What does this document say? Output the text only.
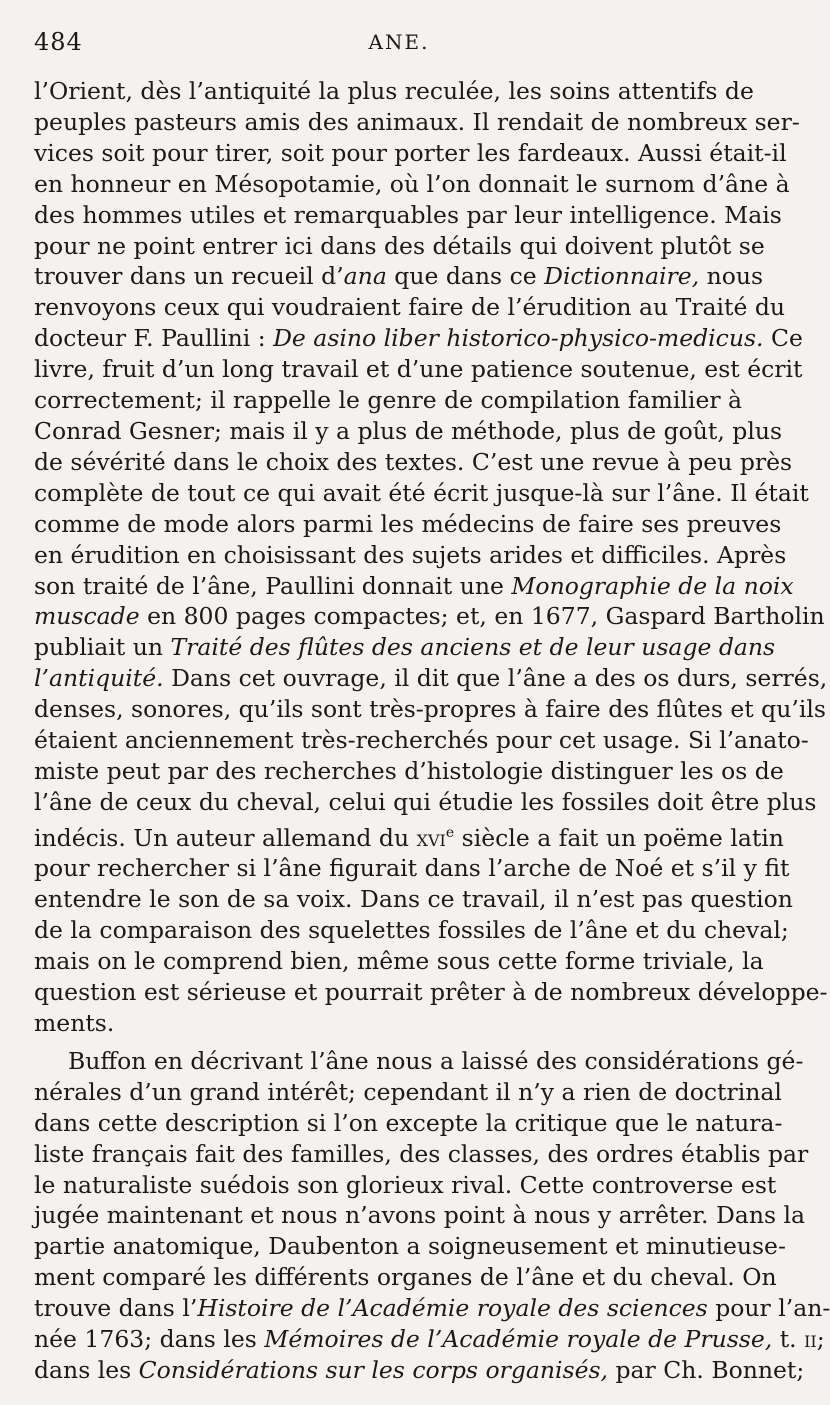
484	ANE.
l’Orient, dès l’antiquité la plus reculée, les soins attentifs de
peuples pasteurs amis des animaux. Il rendait de nombreux ser-
vices soit pour tirer, soit pour porter les fardeaux. Aussi était-il
en honneur en Mésopotamie, où l’on donnait le surnom d’âne à
des hommes utiles et remarquables par leur intelligence. Mais
pour ne point entrer ici dans des détails qui doivent plutôt se
trouver dans un recueil d’ana que dans ce Dictionnaire, nous
renvoyons ceux qui voudraient faire de l’érudition au Traité du
docteur F. Paullini : De asino liber historico-physico-medicus. Ce
livre, fruit d’un long travail et d’une patience soutenue, est écrit
correctement; il rappelle le genre de compilation familier à
Conrad Gesner; mais il y a plus de méthode, plus de goût, plus
de sévérité dans le choix des textes. C’est une revue à peu près
complète de tout ce qui avait été écrit jusque-là sur l’âne. Il était
comme de mode alors parmi les médecins de faire ses preuves
en érudition en choisissant des sujets arides et difficiles. Après
son traité de l’âne, Paullini donnait une Monographie de la noix
muscade en 800 pages compactes; et, en 1677, Gaspard Bartholin
publiait un Traité des flûtes des anciens et de leur usage dans
l’antiquité. Dans cet ouvrage, il dit que l’âne a des os durs, serrés,
denses, sonores, qu’ils sont très-propres à faire des flûtes et qu’ils
étaient anciennement très-recherchés pour cet usage. Si l’anato-
miste peut par des recherches d’histologie distinguer les os de
l’âne de ceux du cheval, celui qui étudie les fossiles doit être plus
indécis. Un auteur allemand du xvi$^e$ siècle a fait un poëme latin
pour rechercher si l’âne figurait dans l’arche de Noé et s’il y fit
entendre le son de sa voix. Dans ce travail, il n’est pas question
de la comparaison des squelettes fossiles de l’âne et du cheval;
mais on le comprend bien, même sous cette forme triviale, la
question est sérieuse et pourrait prêter à de nombreux développe-
ments.
Buffon en décrivant l’âne nous a laissé des considérations gé-
nérales d’un grand intérêt; cependant il n’y a rien de doctrinal
dans cette description si l’on excepte la critique que le natura-
liste français fait des familles, des classes, des ordres établis par
le naturaliste suédois son glorieux rival. Cette controverse est
jugée maintenant et nous n’avons point à nous y arrêter. Dans la
partie anatomique, Daubenton a soigneusement et minutieuse-
ment comparé les différents organes de l’âne et du cheval. On
trouve dans l’Histoire de l’Académie royale des sciences pour l’an-
née 1763; dans les Mémoires de l’Académie royale de Prusse, t. ii;
dans les Considérations sur les corps organisés, par Ch. Bonnet;
